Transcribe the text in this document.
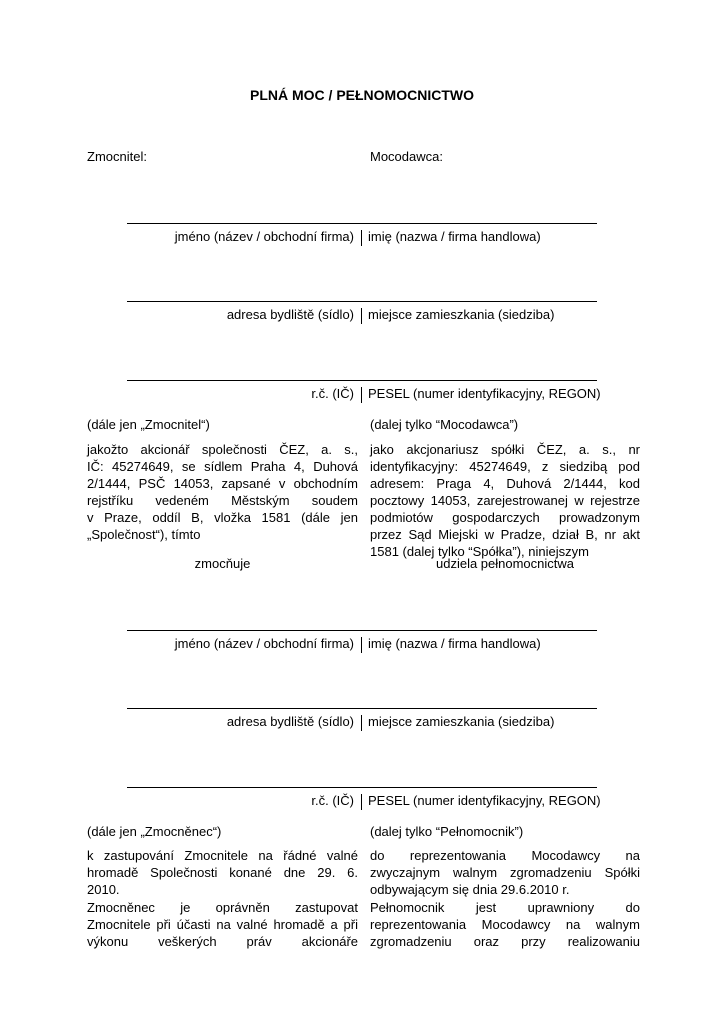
PLNÁ MOC / PEŁNOMOCNICTWO
Zmocnitel:	Mocodawca:
jméno (název / obchodní firma) imię (nazwa / firma handlowa)
adresa bydliště (sídlo) miejsce zamieszkania (siedziba)
r.č. (IČ) PESEL (numer identyfikacyjny, REGON)
(dále jen „Zmocnitel“)	(dalej tylko “Mocodawca”)
jakožto akcionář společnosti ČEZ, a. s.,
IČ: 45274649, se sídlem Praha 4, Duhová
2/1444, PSČ 14053, zapsané v obchodním
rejstříku vedeném Městským soudem
v Praze, oddíl B, vložka 1581 (dále jen
„Společnost“), tímto
jako akcjonariusz spółki ČEZ, a. s., nr
identyfikacyjny: 45274649, z siedzibą pod
adresem: Praga 4, Duhová 2/1444, kod
pocztowy 14053, zarejestrowanej w rejestrze
podmiotów gospodarczych prowadzonym
przez Sąd Miejski w Pradze, dział B, nr akt
1581 (dalej tylko “Spółka”), niniejszym
zmocňuje	udziela pełnomocnictwa
jméno (název / obchodní firma) imię (nazwa / firma handlowa)
adresa bydliště (sídlo) miejsce zamieszkania (siedziba)
r.č. (IČ) PESEL (numer identyfikacyjny, REGON)
(dále jen „Zmocněnec“)	(dalej tylko “Pełnomocnik”)
k zastupování Zmocnitele na řádné valné
hromadě Společnosti konané dne 29. 6.
2010.
do reprezentowania Mocodawcy na
zwyczajnym walnym zgromadzeniu Spółki
odbywającym się dnia 29.6.2010 r.
Zmocněnec je oprávněn zastupovat
Zmocnitele při účasti na valné hromadě a při
výkonu veškerých práv akcionáře
Pełnomocnik jest uprawniony do
reprezentowania Mocodawcy na walnym
zgromadzeniu oraz przy realizowaniu
